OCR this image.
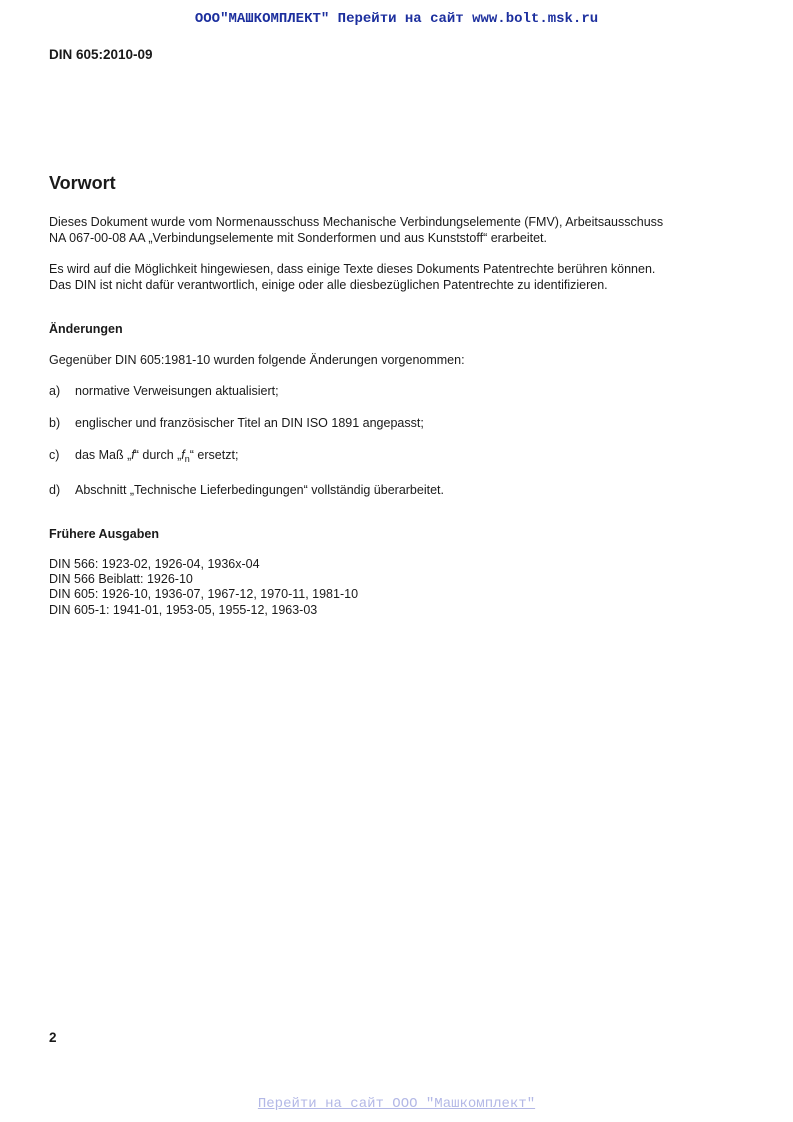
ООО"МАШКОМПЛЕКТ" Перейти на сайт www.bolt.msk.ru
DIN 605:2010-09
Vorwort
Dieses Dokument wurde vom Normenausschuss Mechanische Verbindungselemente (FMV), Arbeitsausschuss
NA 067-00-08 AA „Verbindungselemente mit Sonderformen und aus Kunststoff“ erarbeitet.
Es wird auf die Möglichkeit hingewiesen, dass einige Texte dieses Dokuments Patentrechte berühren können.
Das DIN ist nicht dafür verantwortlich, einige oder alle diesbezüglichen Patentrechte zu identifizieren.
Änderungen
Gegenüber DIN 605:1981-10 wurden folgende Änderungen vorgenommen:
a) normative Verweisungen aktualisiert;
b) englischer und französischer Titel an DIN ISO 1891 angepasst;
c) das Maß „f“ durch $„f_n“$ ersetzt;
d) Abschnitt „Technische Lieferbedingungen“ vollständig überarbeitet.
Frühere Ausgaben
DIN 566: 1923-02, 1926-04, 1936x-04
DIN 566 Beiblatt: 1926-10
DIN 605: 1926-10, 1936-07, 1967-12, 1970-11, 1981-10
DIN 605-1: 1941-01, 1953-05, 1955-12, 1963-03
2
Перейти на сайт ООО "Машкомплект"
